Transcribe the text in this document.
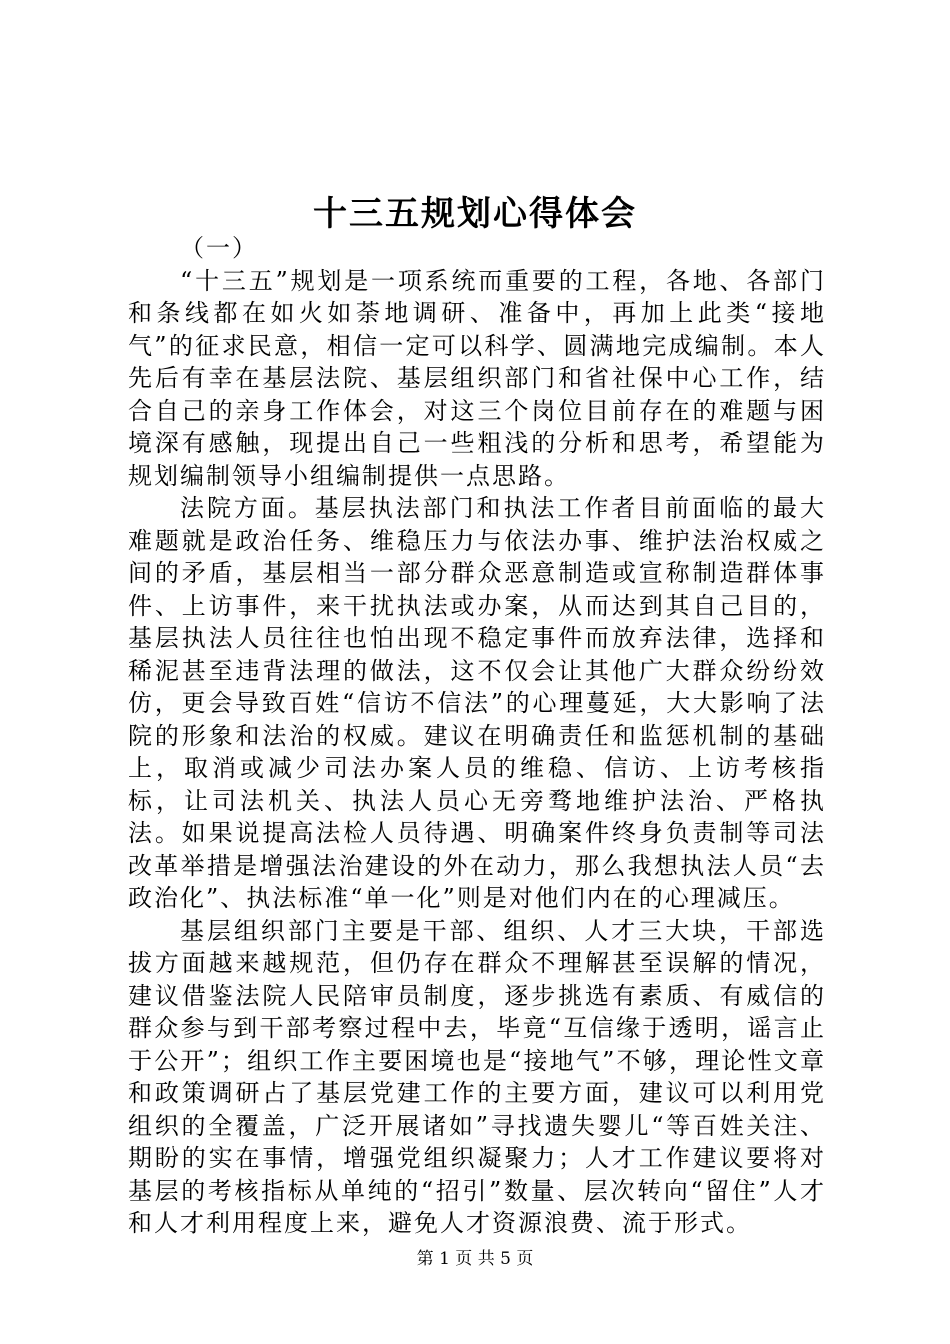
十三五规划心得体会

（一）

“十三五”规划是一项系统而重要的工程，各地、各部门和条线都在如火如荼地调研、准备中，再加上此类“接地气”的征求民意，相信一定可以科学、圆满地完成编制。本人先后有幸在基层法院、基层组织部门和省社保中心工作，结合自己的亲身工作体会，对这三个岗位目前存在的难题与困境深有感触，现提出自己一些粗浅的分析和思考，希望能为规划编制领导小组编制提供一点思路。

法院方面。基层执法部门和执法工作者目前面临的最大难题就是政治任务、维稳压力与依法办事、维护法治权威之间的矛盾，基层相当一部分群众恶意制造或宣称制造群体事件、上访事件，来干扰执法或办案，从而达到其自己目的，基层执法人员往往也怕出现不稳定事件而放弃法律，选择和稀泥甚至违背法理的做法，这不仅会让其他广大群众纷纷效仿，更会导致百姓“信访不信法”的心理蔓延，大大影响了法院的形象和法治的权威。建议在明确责任和监惩机制的基础上，取消或减少司法办案人员的维稳、信访、上访考核指标，让司法机关、执法人员心无旁骛地维护法治、严格执法。如果说提高法检人员待遇、明确案件终身负责制等司法改革举措是增强法治建设的外在动力，那么我想执法人员“去政治化”、执法标准“单一化”则是对他们内在的心理减压。

基层组织部门主要是干部、组织、人才三大块，干部选拔方面越来越规范，但仍存在群众不理解甚至误解的情况，建议借鉴法院人民陪审员制度，逐步挑选有素质、有威信的群众参与到干部考察过程中去，毕竟“互信缘于透明，谣言止于公开”；组织工作主要困境也是“接地气”不够，理论性文章和政策调研占了基层党建工作的主要方面，建议可以利用党组织的全覆盖，广泛开展诸如”寻找遗失婴儿“等百姓关注、期盼的实在事情，增强党组织凝聚力；人才工作建议要将对基层的考核指标从单纯的“招引”数量、层次转向“留住”人才和人才利用程度上来，避免人才资源浪费、流于形式。

第 1 页 共 5 页
